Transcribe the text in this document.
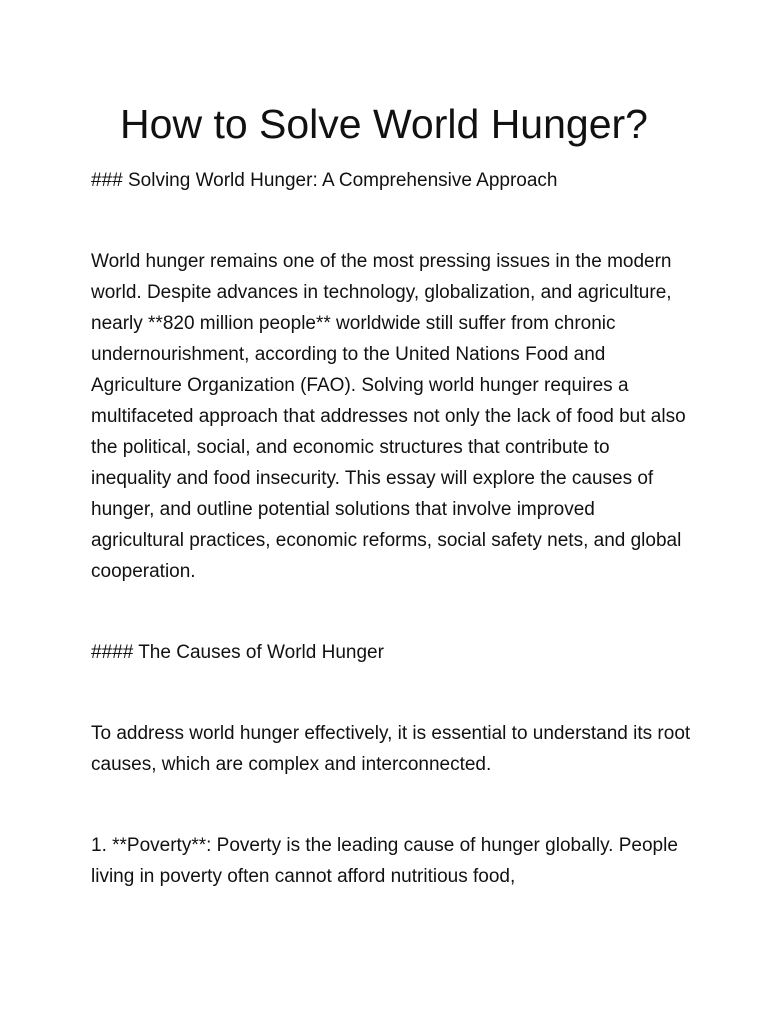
How to Solve World Hunger?

### Solving World Hunger: A Comprehensive Approach

World hunger remains one of the most pressing issues in the modern world. Despite advances in technology, globalization, and agriculture, nearly **820 million people** worldwide still suffer from chronic undernourishment, according to the United Nations Food and Agriculture Organization (FAO). Solving world hunger requires a multifaceted approach that addresses not only the lack of food but also the political, social, and economic structures that contribute to inequality and food insecurity. This essay will explore the causes of hunger, and outline potential solutions that involve improved agricultural practices, economic reforms, social safety nets, and global cooperation.

#### The Causes of World Hunger

To address world hunger effectively, it is essential to understand its root causes, which are complex and interconnected.

1. **Poverty**: Poverty is the leading cause of hunger globally. People living in poverty often cannot afford nutritious food,
